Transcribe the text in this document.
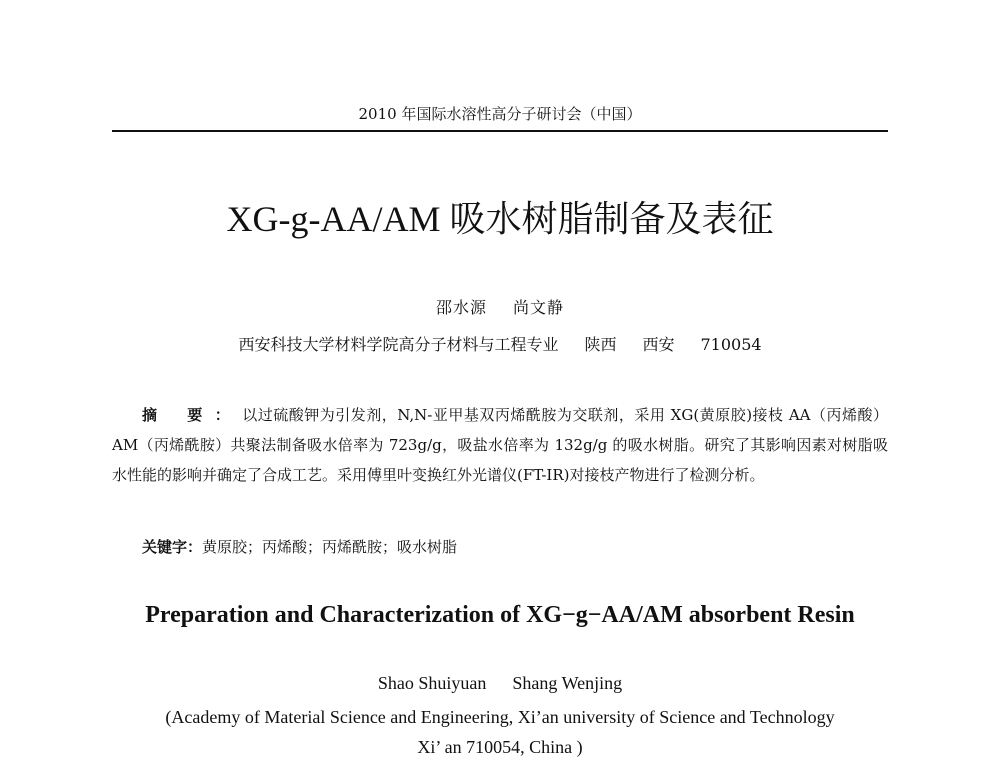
2010 年国际水溶性高分子研讨会（中国）
XG-g-AA/AM 吸水树脂制备及表征
邵水源 尚文静
西安科技大学材料学院高分子材料与工程专业 陕西 西安 710054
摘 要：以过硫酸钾为引发剂，N,N-亚甲基双丙烯酰胺为交联剂，采用 XG(黄原胶)接枝 AA（丙烯酸）AM（丙烯酰胺）共聚法制备吸水倍率为 723g/g，吸盐水倍率为 132g/g 的吸水树脂。研究了其影响因素对树脂吸水性能的影响并确定了合成工艺。采用傅里叶变换红外光谱仪(FT-IR)对接枝产物进行了检测分析。
关键字：黄原胶；丙烯酸；丙烯酰胺；吸水树脂
Preparation and Characterization of XG−g−AA/AM absorbent Resin
Shao Shuiyuan Shang Wenjing
(Academy of Material Science and Engineering, Xi’an university of Science and Technology
Xi’ an 710054, China )
